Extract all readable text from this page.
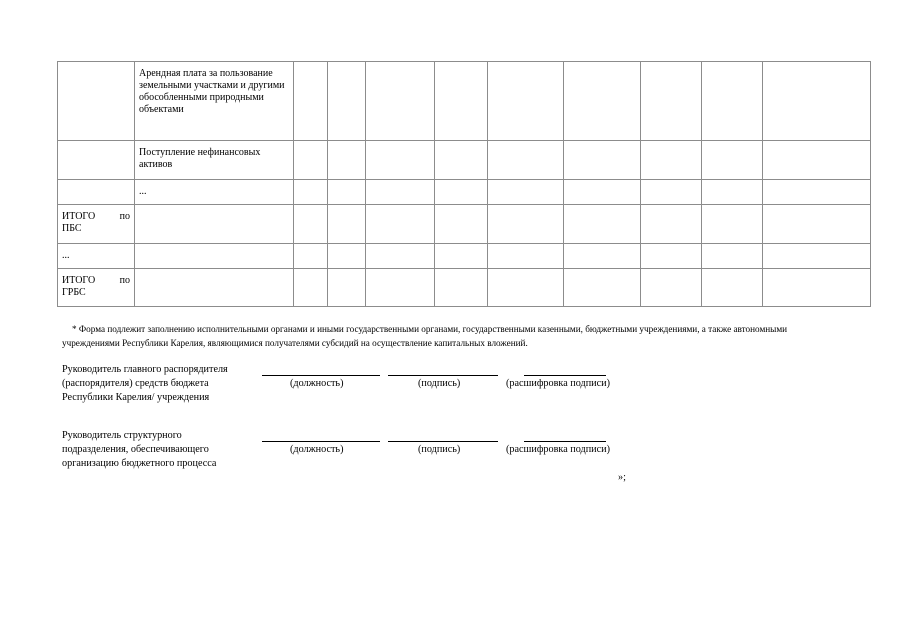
	Арендная плата за пользование земельными участками и другими обособленными природными объектами									
	Поступление нефинансовых активов									
	...									

ИТОГО по
ПБС										

...										

ИТОГО по
ГРБС										

* Форма подлежит заполнению исполнительными органами и иными государственными органами, государственными казенными, бюджетными учреждениями, а также автономными учреждениями Республики Карелия, являющимися получателями субсидий на осуществление капитальных вложений.
Руководитель главного распорядителя
(распорядителя) средств бюджета
Республики Карелия/ учреждения
(должность)	(подпись)	(расшифровка подписи)
Руководитель структурного
подразделения, обеспечивающего
организацию бюджетного процесса
(должность)	(подпись)	(расшифровка подписи)
»;
